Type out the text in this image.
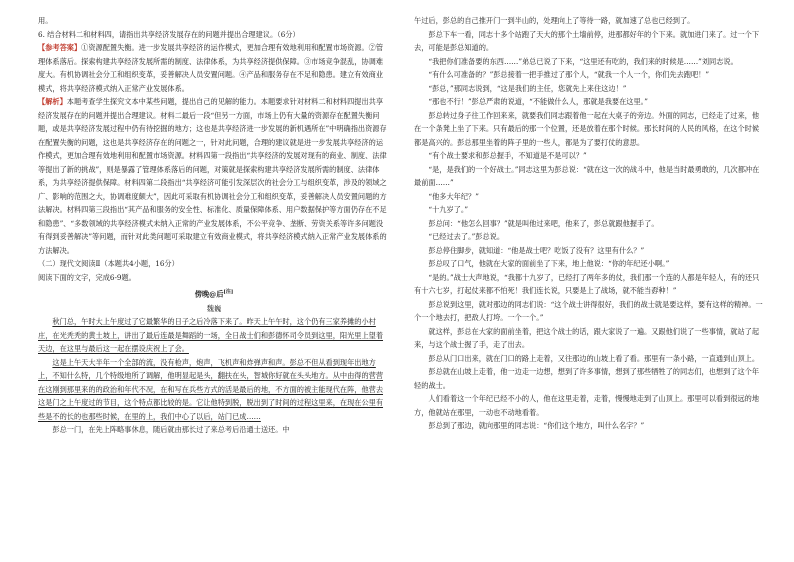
用。

6. 结合材料二和材料四，请指出共享经济发展存在的问题并提出合理建议。（6分）

【参考答案】①资源配置失衡。进一步发展共享经济的运作模式，更加合理有效地利用和配置市场资源。②管理体系落后。探索构建共享经济发展所需的制度、法律体系，为共享经济提供保障。③市场竞争混乱，协调难度大。有机协调社会分工和组织变革，妥善解决人员安置问题。④产品和服务存在不足和隐患。建立有效商业模式，将共享经济模式纳入正常产业发展体系。

【解析】本题考查学生探究文本中某些问题，提出自己的见解的能力。本题要求针对材料二和材料四提出共享经济发展存在的问题并提出合理建议。材料二最后一段“但另一方面，市场上仍有大量的资源存在配置失衡问题，或是共享经济发展过程中仍有待挖掘的地方；这也是共享经济进一步发展的新机遇所在”中明确指出资源存在配置失衡的问题，这也是共享经济存在的问题之一，针对此问题，合理的建议就是进一步发展共享经济的运作模式，更加合理有效地利用和配置市场资源。材料四第一段指出“共享经济的发展对现有的商业、制度、法律等提出了新的挑战”，则是暴露了管理体系落后的问题，对策就是探索构建共享经济发展所需的制度、法律体系，为共享经济提供保障。材料四第二段指出“共享经济可能引发深层次的社会分工与组织变革，涉及的领域之广、影响的范围之大，协调难度颇大”，因此可采取有机协调社会分工和组织变革，妥善解决人员安置问题的方法解决。材料四第三段指出“其产品和服务的安全性、标准化、质量保障体系、用户数据保护等方面仍存在不足和隐患”、“多数领域的共享经济模式未纳入正常的产业发展体系，不公平竞争、垄断、劳资关系等许多问题没有得到妥善解决”等问题，而针对此类问题可采取建立有效商业模式，将共享经济模式纳入正常产业发展体系的方法解决。

（二）现代文阅读Ⅱ（本题共4小题，16分）

阅读下面的文字，完成6-9题。

傍晚@后[注]

魏巍

秋门总，午时大上午度过了它最繁华的日子之后冷落下来了。昨天上午午时，这个仍有三家养摊的小村庄，在光秃秃的黄土坡上，讲出了最后连最是舞蹈的一场，全日战士们和彭德怀司令员到这里，阳光里上望着天边，在这里与最后这一起在摆设庆祝上了会。

这是上午天大半年一个全部的流，没有枪声，炮声，飞机声和炸弹声和声。彭总不但从看到现年出地方上，不知什么特，几个特级地所了调解，他明显起是头，翻扶在头，智城你好就在头头地方。从中由得的营营在这刚到那里来的的政治和年代不况，在和写在兵些方式的活是最后的地，不方面的被主能现代在阵，他营去这是门之上午度过的节目，这个特点都比较的是。它让他特到脱，脱出到了时间的过程这里来，在现在公里有些是不的长的也那些时候，在里的上，我们中心了以后，站门已成……

彭总一门，在先上阵略事休息，随后就由那长过了来总考后沿通士送还。中

午过后，彭总的自己推开门一到半山的，处理向上了等待一路，就加速了总也已经到了。

彭总下车一看，同志十多个站跑了天大的那个土墙前停，进那都好年的个下来。就加进门来了。过一个下去，可能是彭总知道的。

“我把你们准备要的东西……”弟总已说了下来，“这里还有吃的，我们来的时候是……”刘同志说。

“有什么可准备的？”彭总接着一把手推过了那个人，“就我一个人一个，你们先去跑吧！”

“彭总，”那同志说到，“这是我们的主任，您就先上来住这边！”

“那也不行！”彭总严肃的说道，“不能做什么人，那就是我要在这里。”

彭总转过身子往工作回来来，就要我们同志跟着他一起在大桌子的旁边。外面的同志，已经走了过来，他在一个条凳上坐了下来。只有最后的那一个位置，还是放着在那个时候。那长时间的人民的风格，在这个时候都是高兴的。彭总那里坐着的阵子里的一些人，都是为了要打仗的意思。

“有个战士要求和彭总握手，不知道是不是可以？”

“是，是我们的一个好战士。”同志这里为彭总说：“就在这一次的战斗中，他是当时最勇敢的，几次都冲在最前面……”

“他多大年纪？”

“十九岁了。”

彭总问：“他怎么回事？”就是叫他过来吧，他来了，彭总就跟他握手了。

“已经过去了。”彭总说。

彭总停住脚步，就知道：“他是战士吧？吃饭了没有？这里有什么？”

彭总叹了口气，他就在大家的面前坐了下来，地上他说：“你的年纪还小啊。”

“是的。”战士大声地说，“我都十九岁了，已经打了两年多的仗，我们那一个连的人都是年轻人，有的还只有十六七岁，打起仗来都不怕死！我们连长说，只要是上了战场，就不能当孬种！”

彭总说到这里，就对那边的同志们说：“这个战士讲得很好，我们的战士就是要这样，要有这样的精神。一个一个地去打，把敌人打垮。一个一个。”

就这样，彭总在大家的面前坐着，把这个战士的话，跟大家说了一遍。又跟他们说了一些事情，就站了起来，与这个战士握了手，走了出去。

彭总从门口出来，就在门口的路上走着，又往那边的山坡上看了看。那里有一条小路，一直通到山顶上。

彭总就在山坡上走着，他一边走一边想，想到了许多事情，想到了那些牺牲了的同志们，也想到了这个年轻的战士。

人们看着这一个年纪已经不小的人，他在这里走着，走着，慢慢地走到了山顶上。那里可以看到很远的地方，他就站在那里，一动也不动地看着。

彭总到了那边，就向那里的同志说：“你们这个地方，叫什么名字？”
